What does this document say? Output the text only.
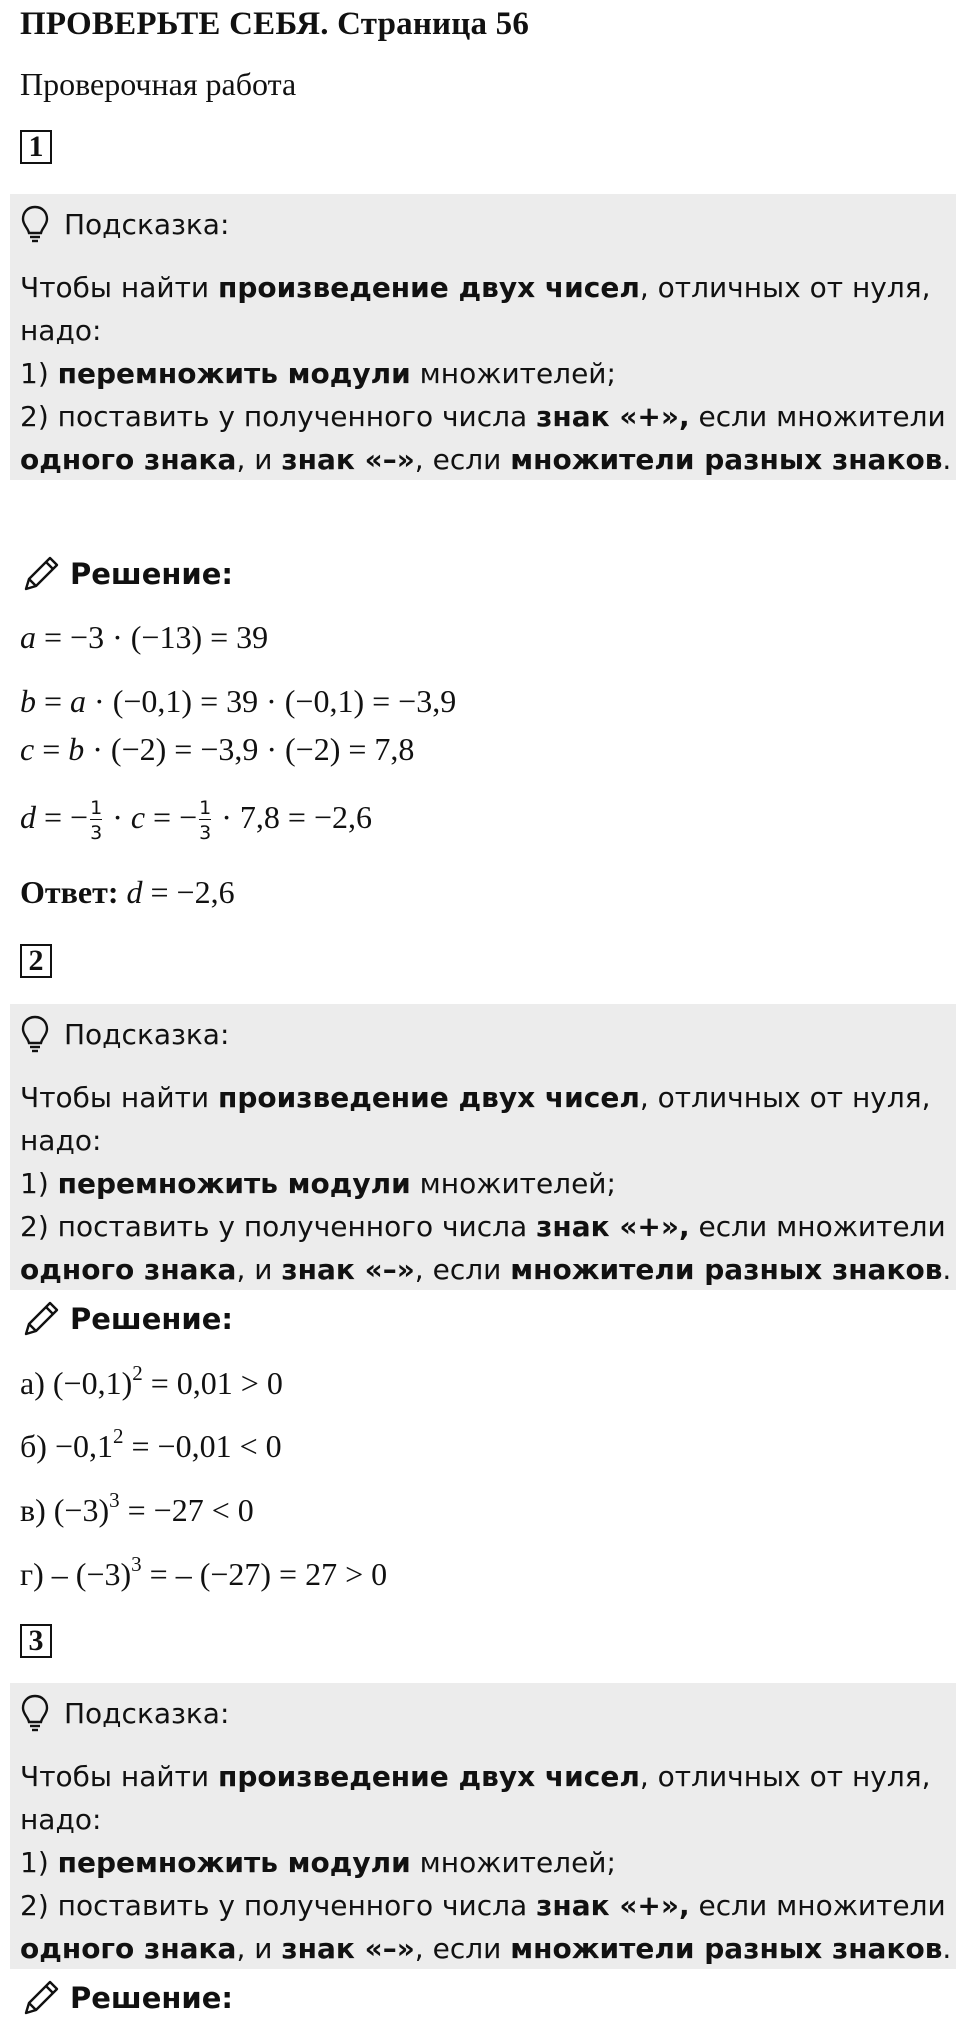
ПРОВЕРЬТЕ СЕБЯ. Страница 56
Проверочная работа
1
Подсказка:
Чтобы найти произведение двух чисел, отличных от нуля,
надо:
1) перемножить модули множителей;
2) поставить у полученного числа знак «+», если множители
одного знака, и знак «–», если множители разных знаков.
Решение:
a = −3 · (−13) = 39
b = a · (−0,1) = 39 · (−0,1) = −3,9
c = b · (−2) = −3,9 · (−2) = 7,8
d = − $\frac{1}{3} \cdot c$ = − $\frac{1}{3} \cdot 7,8 = -2,6$
Ответ: d = −2,6
2
Подсказка:
Чтобы найти произведение двух чисел, отличных от нуля,
надо:
1) перемножить модули множителей;
2) поставить у полученного числа знак «+», если множители
одного знака, и знак «–», если множители разных знаков.
Решение:
а) $(-0,1)^2 = 0,01 > 0$
$б) -0,1^2 = -0,01 < 0$
в) $(-3)^3 = -27 < 0$
$г) - (-3)^3$ = – (−27) = 27 > 0
3
Подсказка:
Чтобы найти произведение двух чисел, отличных от нуля,
надо:
1) перемножить модули множителей;
2) поставить у полученного числа знак «+», если множители
одного знака, и знак «–», если множители разных знаков.
Решение:
